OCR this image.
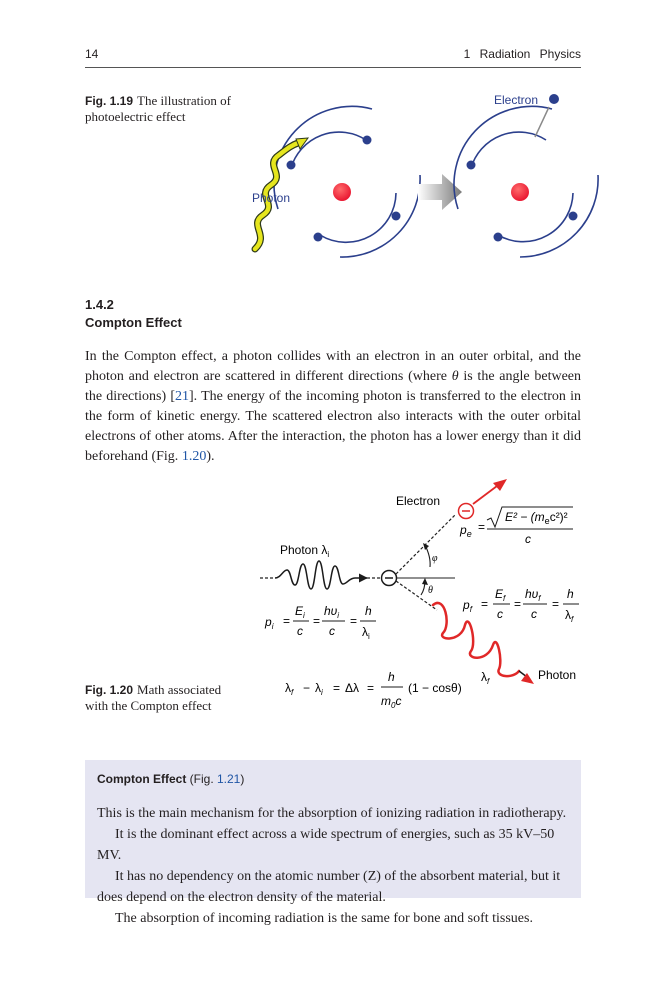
14	1 Radiation Physics
Fig. 1.19 The illustration of photoelectric effect
Photon
Electron
1.4.2
Compton Effect

In the Compton effect, a photon collides with an electron in an outer orbital, and the photon and electron are scattered in different directions (where θ is the angle between the directions) [21]. The energy of the incoming photon is transferred to the electron in the form of kinetic energy. The scattered electron also interacts with the outer orbital electrons of other atoms. After the interaction, the photon has a lower energy than it did beforehand (Fig. 1.20).

Fig. 1.20 Math associated with the Compton effect
φ
θ
Electron
$p_e$ =
$E^2 - (m_ec^2)^2$
c
Photon $\lambda_i$
$p_i$ =
$E_i$
c
=
$h\upsilon_i$
c
=
h
$\lambda_i$
$\lambda_f$	Photon
$p_f$ =
$E_f$
c
=
$h\upsilon_f$
c
=
h
$\lambda_f$
$\lambda_f - \lambda_i = \Delta\lambda$ =
h
$m_0c$
(1 − cosθ)
Compton Effect (Fig. 1.21)

This is the main mechanism for the absorption of ionizing radiation in radiotherapy.

It is the dominant effect across a wide spectrum of energies, such as 35 kV–50 MV.

It has no dependency on the atomic number (Z) of the absorbent material, but it does depend on the electron density of the material.

The absorption of incoming radiation is the same for bone and soft tissues.
